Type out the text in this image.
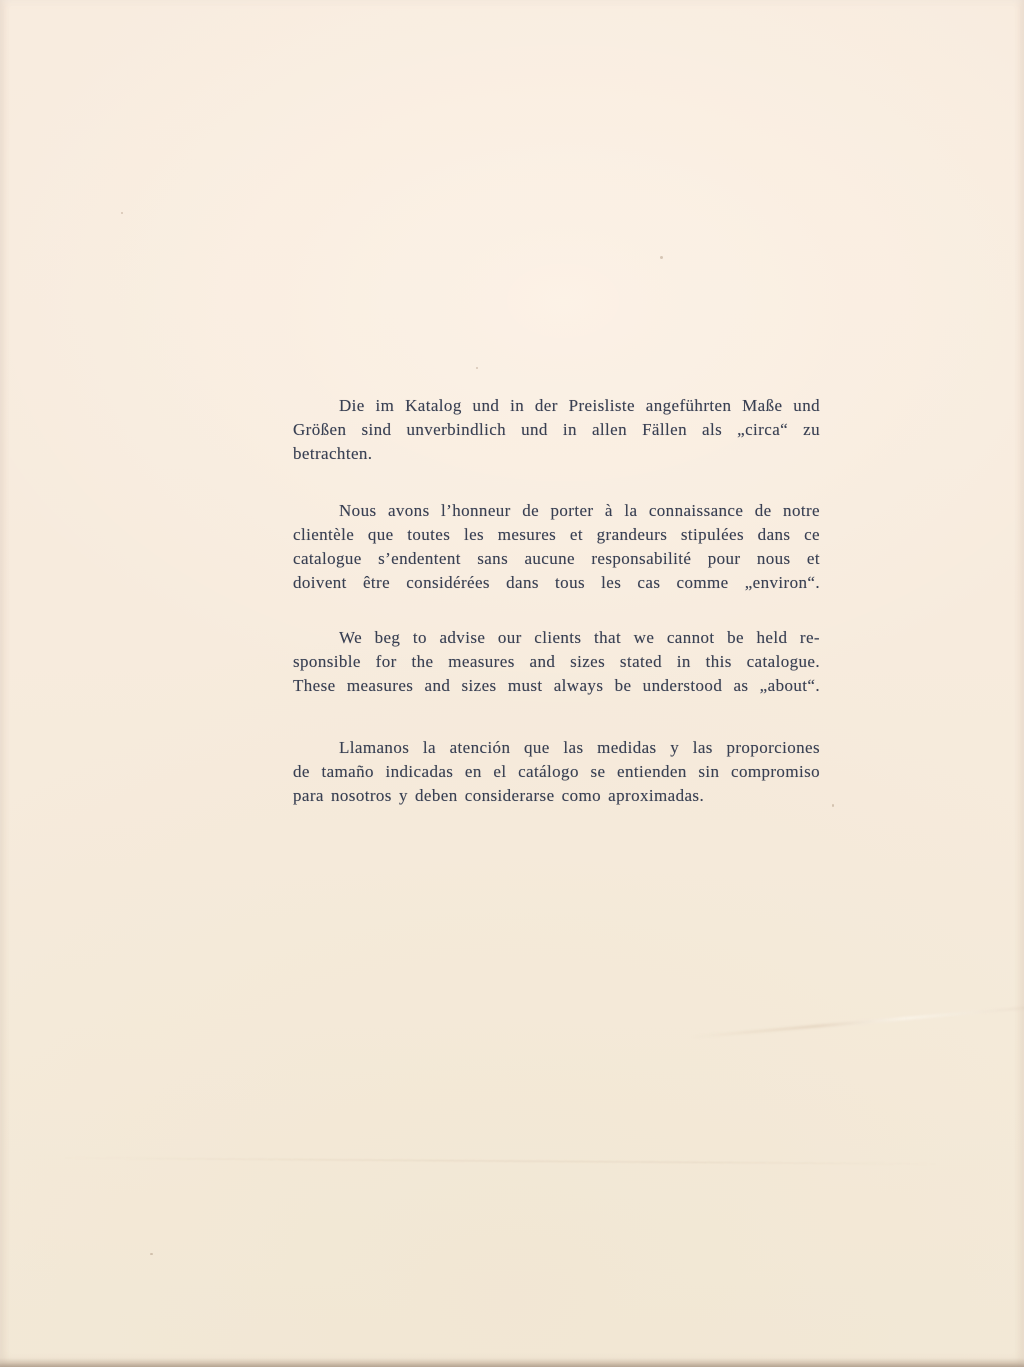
Die im Katalog und in der Preisliste angeführten Maße und
Größen sind unverbindlich und in allen Fällen als „circa“ zu
betrachten.
Nous avons l’honneur de porter à la connaissance de notre
clientèle que toutes les mesures et grandeurs stipulées dans ce
catalogue s’endentent sans aucune responsabilité pour nous et
doivent être considérées dans tous les cas comme „environ“.
We beg to advise our clients that we cannot be held re-
sponsible for the measures and sizes stated in this catalogue.
These measures and sizes must always be understood as „about“.
Llamanos la atención que las medidas y las proporciones
de tamaño indicadas en el catálogo se entienden sin compromiso
para nosotros y deben considerarse como aproximadas.
